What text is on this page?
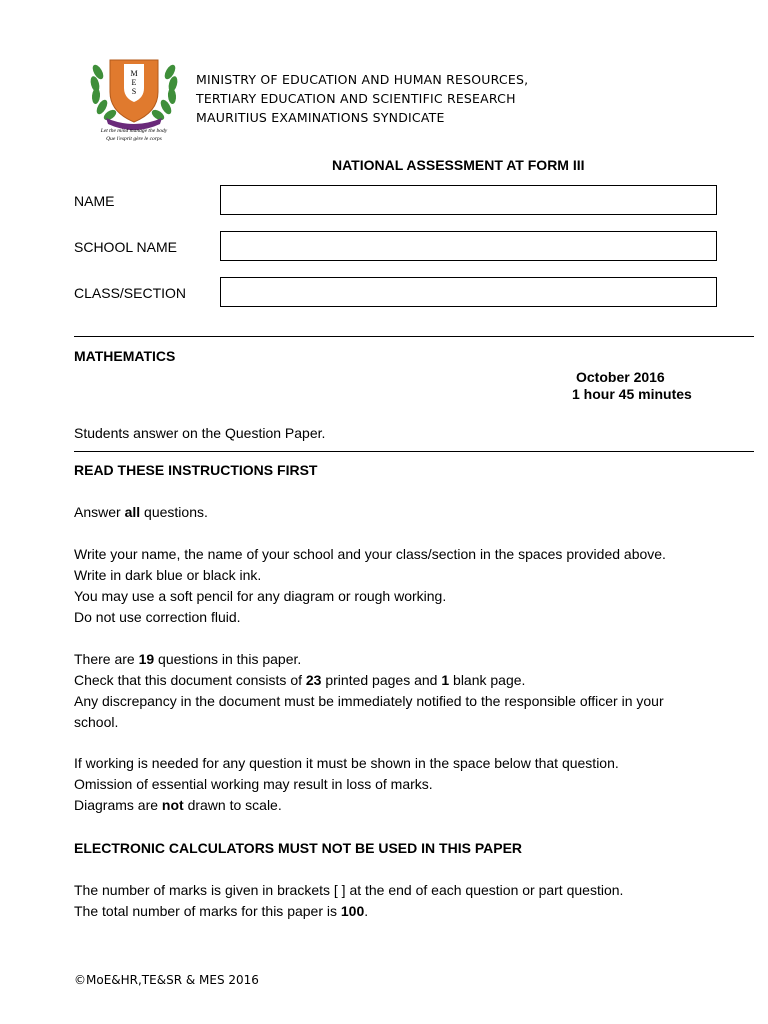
M
E
S
Let the mind manage the body
Que l'esprit gère le corps
MINISTRY OF EDUCATION AND HUMAN RESOURCES,
TERTIARY EDUCATION AND SCIENTIFIC RESEARCH
MAURITIUS EXAMINATIONS SYNDICATE
NATIONAL ASSESSMENT AT FORM III
NAME
SCHOOL NAME
CLASS/SECTION
MATHEMATICS
October 2016
1 hour 45 minutes
Students answer on the Question Paper.
READ THESE INSTRUCTIONS FIRST
Answer all questions.
Write your name, the name of your school and your class/section in the spaces provided above.
Write in dark blue or black ink.
You may use a soft pencil for any diagram or rough working.
Do not use correction fluid.
There are 19 questions in this paper.
Check that this document consists of 23 printed pages and 1 blank page.
Any discrepancy in the document must be immediately notified to the responsible officer in your
school.
If working is needed for any question it must be shown in the space below that question.
Omission of essential working may result in loss of marks.
Diagrams are not drawn to scale.
ELECTRONIC CALCULATORS MUST NOT BE USED IN THIS PAPER
The number of marks is given in brackets [ ] at the end of each question or part question.
The total number of marks for this paper is 100.
©MoE&HR,TE&SR & MES 2016
